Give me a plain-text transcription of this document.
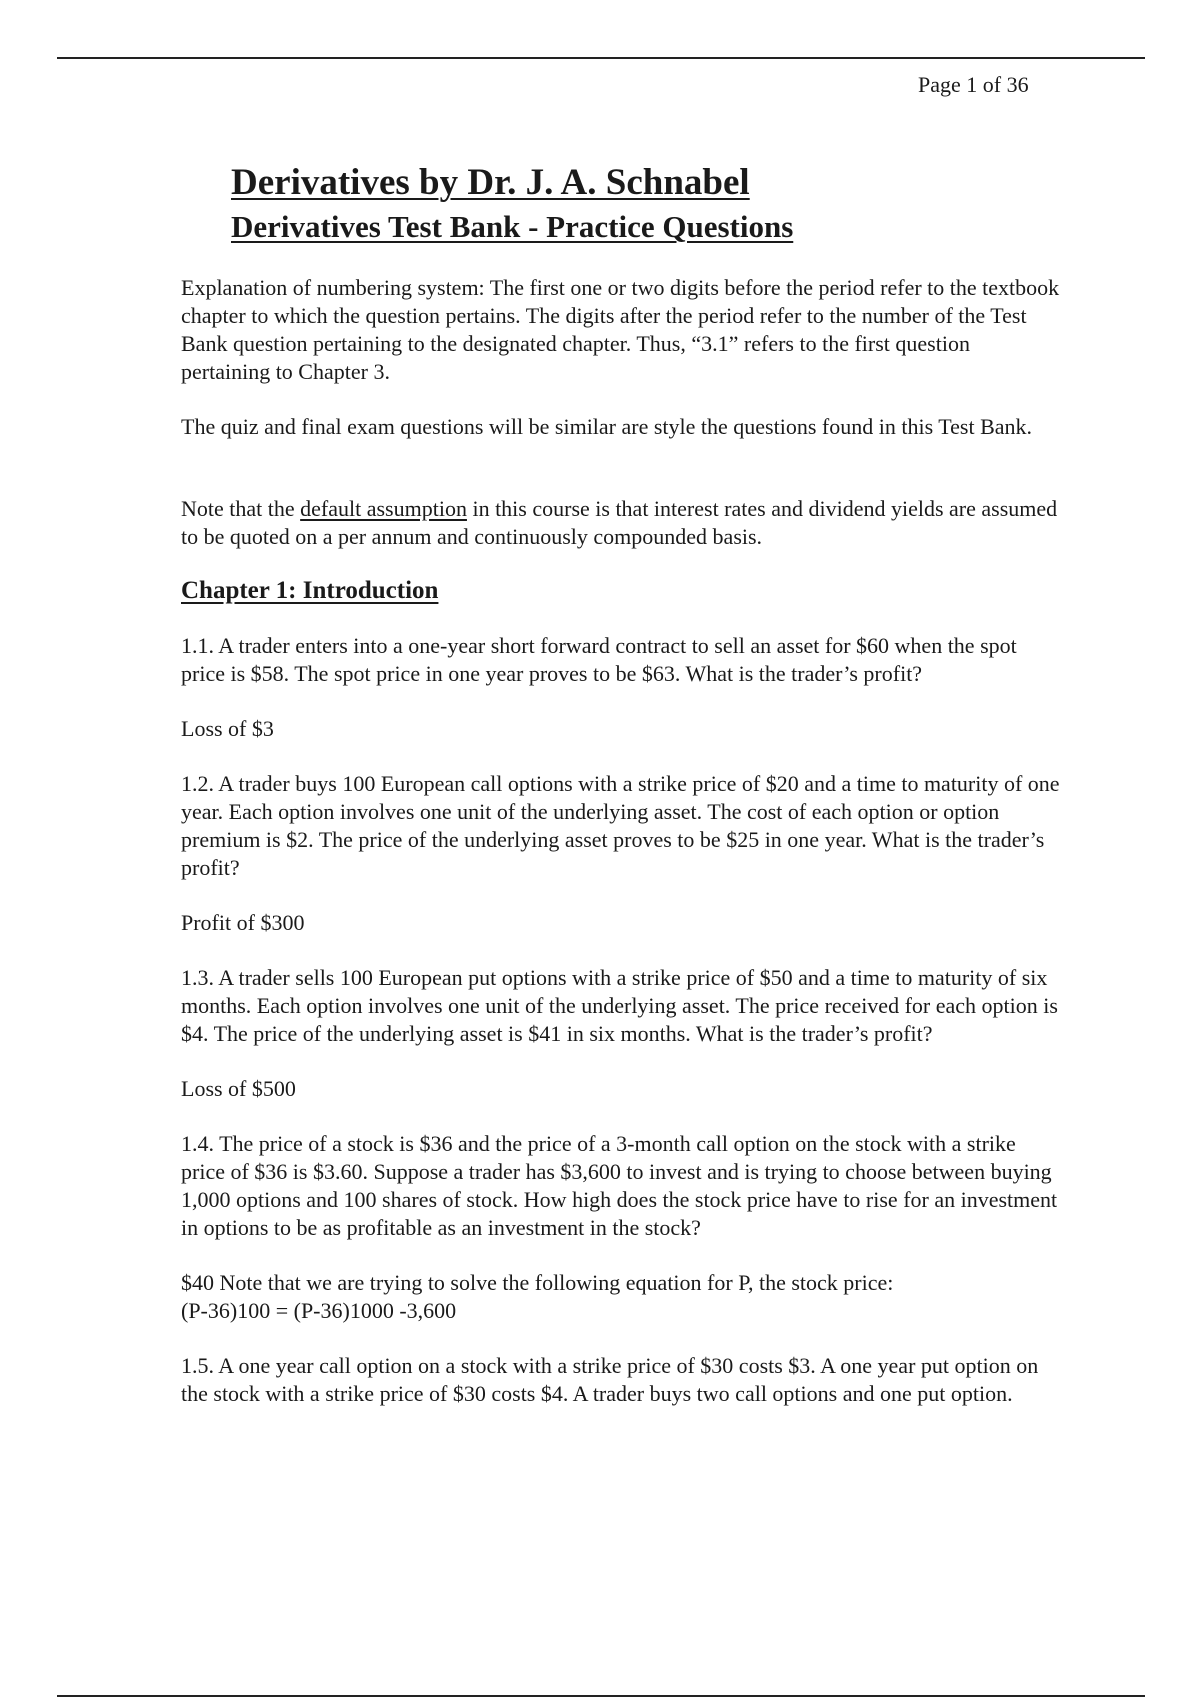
Page 1 of 36

Derivatives by Dr. J. A. Schnabel

Derivatives Test Bank - Practice Questions

Explanation of numbering system: The first one or two digits before the period refer to the textbook chapter to which the question pertains. The digits after the period refer to the number of the Test Bank question pertaining to the designated chapter. Thus, “3.1” refers to the first question pertaining to Chapter 3.

The quiz and final exam questions will be similar are style the questions found in this Test Bank.

Note that the default assumption in this course is that interest rates and dividend yields are assumed to be quoted on a per annum and continuously compounded basis.

Chapter 1: Introduction

1.1. A trader enters into a one-year short forward contract to sell an asset for $60 when the spot price is $58. The spot price in one year proves to be $63. What is the trader’s profit?

Loss of $3

1.2. A trader buys 100 European call options with a strike price of $20 and a time to maturity of one year. Each option involves one unit of the underlying asset. The cost of each option or option premium is $2. The price of the underlying asset proves to be $25 in one year. What is the trader’s profit?

Profit of $300

1.3. A trader sells 100 European put options with a strike price of $50 and a time to maturity of six months. Each option involves one unit of the underlying asset. The price received for each option is $4. The price of the underlying asset is $41 in six months. What is the trader’s profit?

Loss of $500

1.4. The price of a stock is $36 and the price of a 3-month call option on the stock with a strike price of $36 is $3.60. Suppose a trader has $3,600 to invest and is trying to choose between buying 1,000 options and 100 shares of stock. How high does the stock price have to rise for an investment in options to be as profitable as an investment in the stock?

$40 Note that we are trying to solve the following equation for P, the stock price:

(P-36)100 = (P-36)1000 -3,600

1.5. A one year call option on a stock with a strike price of $30 costs $3. A one year put option on the stock with a strike price of $30 costs $4. A trader buys two call options and one put option.
